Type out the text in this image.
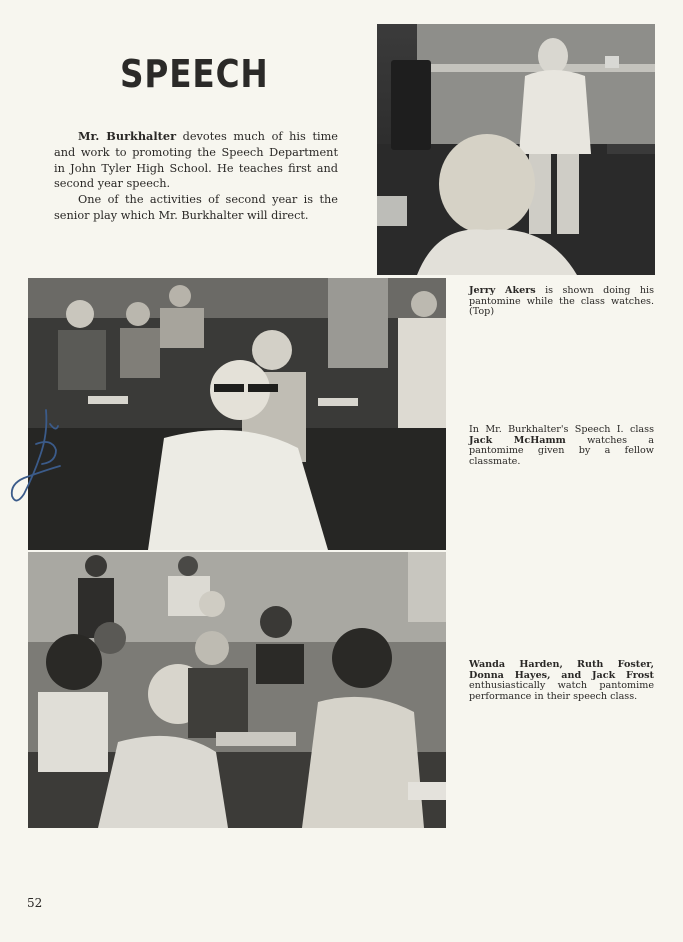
SPEECH

Mr. Burkhalter devotes much of his time and work to promoting the Speech Department in John Tyler High School. He teaches first and second year speech.

One of the activities of second year is the senior play which Mr. Burkhalter will direct.

Jerry Akers is shown doing his pantomine while the class watches. (Top)
In Mr. Burkhalter's Speech I. class Jack McHamm watches a pantomime given by a fellow classmate.
Wanda Harden, Ruth Foster, Donna Hayes, and Jack Frost enthusiastically watch pantomime performance in their speech class.
52
